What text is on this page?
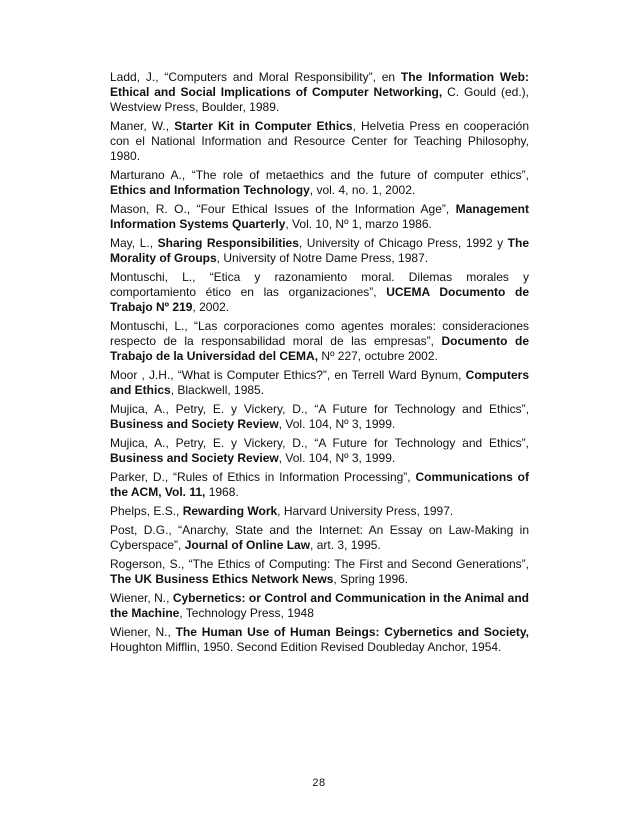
Ladd, J., “Computers and Moral Responsibility”, en The Information Web: Ethical and Social Implications of Computer Networking, C. Gould (ed.), Westview Press, Boulder, 1989.

Maner, W., Starter Kit in Computer Ethics, Helvetia Press en cooperación con el National Information and Resource Center for Teaching Philosophy, 1980.

Marturano A., “The role of metaethics and the future of computer ethics”, Ethics and Information Technology, vol. 4, no. 1, 2002.

Mason, R. O., “Four Ethical Issues of the Information Age”, Management Information Systems Quarterly, Vol. 10, Nº 1, marzo 1986.

May, L., Sharing Responsibilities, University of Chicago Press, 1992 y The Morality of Groups, University of Notre Dame Press, 1987.

Montuschi, L., “Etica y razonamiento moral. Dilemas morales y comportamiento ético en las organizaciones”, UCEMA Documento de Trabajo Nº 219, 2002.

Montuschi, L., “Las corporaciones como agentes morales: consideraciones respecto de la responsabilidad moral de las empresas”, Documento de Trabajo de la Universidad del CEMA, Nº 227, octubre 2002.

Moor , J.H., “What is Computer Ethics?”, en Terrell Ward Bynum, Computers and Ethics, Blackwell, 1985.

Mujica, A., Petry, E. y Vickery, D., “A Future for Technology and Ethics”, Business and Society Review, Vol. 104, Nº 3, 1999.

Mujica, A., Petry, E. y Vickery, D., “A Future for Technology and Ethics”, Business and Society Review, Vol. 104, Nº 3, 1999.

Parker, D., “Rules of Ethics in Information Processing”, Communications of the ACM, Vol. 11, 1968.

Phelps, E.S., Rewarding Work, Harvard University Press, 1997.

Post, D.G., “Anarchy, State and the Internet: An Essay on Law-Making in Cyberspace”, Journal of Online Law, art. 3, 1995.

Rogerson, S., “The Ethics of Computing: The First and Second Generations”, The UK Business Ethics Network News, Spring 1996.

Wiener, N., Cybernetics: or Control and Communication in the Animal and the Machine, Technology Press, 1948

Wiener, N., The Human Use of Human Beings: Cybernetics and Society, Houghton Mifflin, 1950. Second Edition Revised Doubleday Anchor, 1954.

28
